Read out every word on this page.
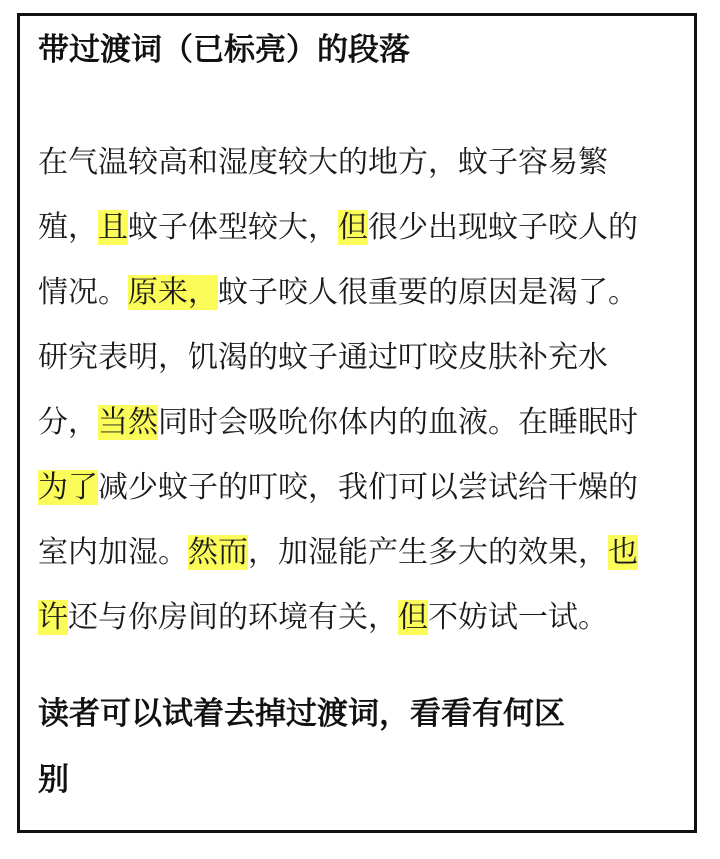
带过渡词（已标亮）的段落
在气温较高和湿度较大的地方，蚊子容易繁
殖，且蚊子体型较大，但很少出现蚊子咬人的
情况。原来，蚊子咬人很重要的原因是渴了。
研究表明，饥渴的蚊子通过叮咬皮肤补充水
分，当然同时会吸吮你体内的血液。在睡眠时
为了减少蚊子的叮咬，我们可以尝试给干燥的
室内加湿。然而，加湿能产生多大的效果，也
许还与你房间的环境有关，但不妨试一试。
读者可以试着去掉过渡词，看看有何区
别
